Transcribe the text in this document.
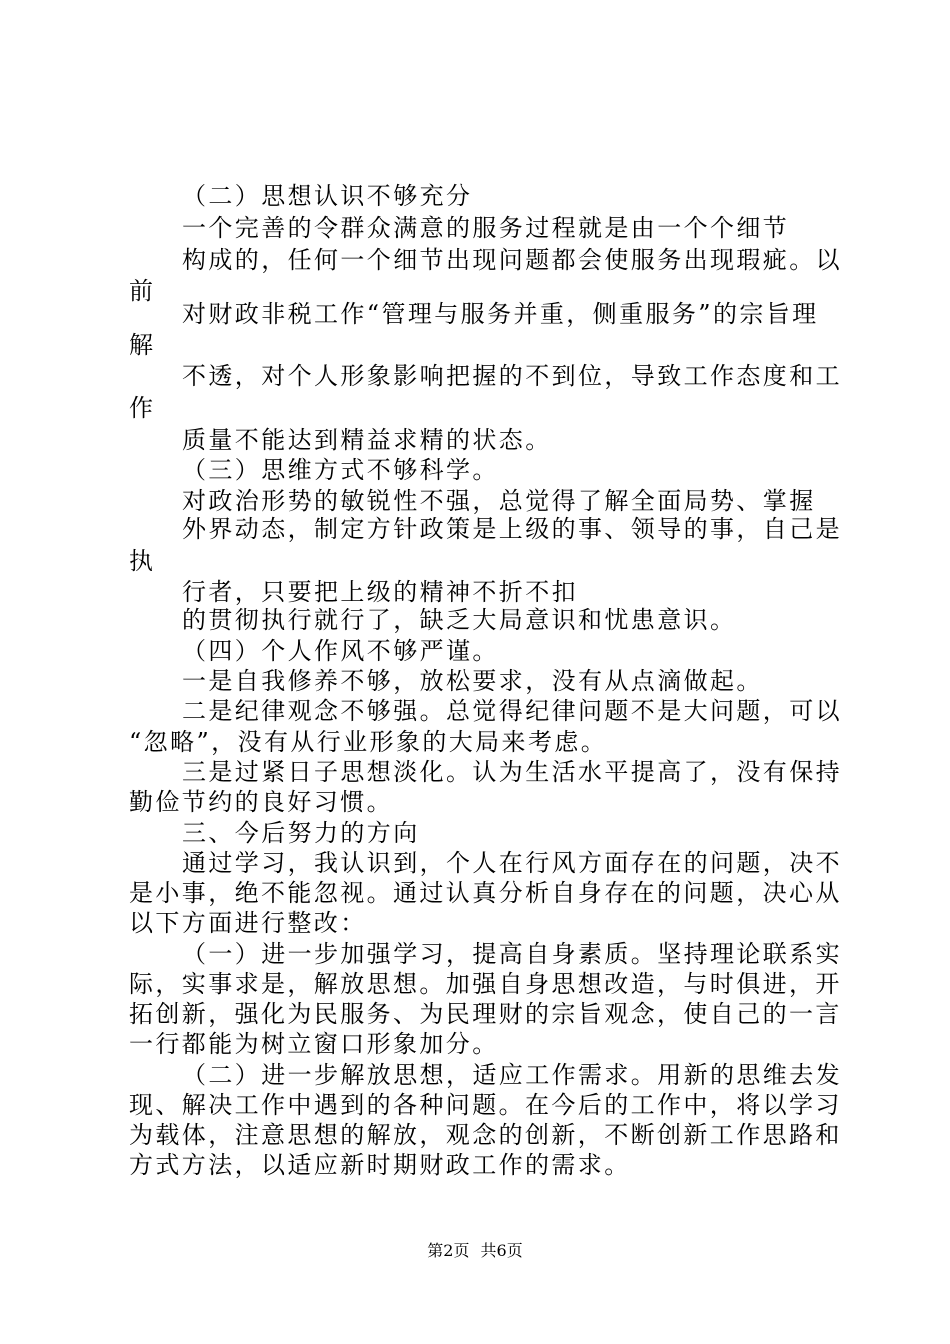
（二）思想认识不够充分
一个完善的令群众满意的服务过程就是由一个个细节
构成的，任何一个细节出现问题都会使服务出现瑕疵。以
前
对财政非税工作“管理与服务并重，侧重服务”的宗旨理
解
不透，对个人形象影响把握的不到位，导致工作态度和工
作
质量不能达到精益求精的状态。
（三）思维方式不够科学。
对政治形势的敏锐性不强，总觉得了解全面局势、掌握
外界动态，制定方针政策是上级的事、领导的事，自己是
执
行者，只要把上级的精神不折不扣
的贯彻执行就行了，缺乏大局意识和忧患意识。
（四）个人作风不够严谨。
一是自我修养不够，放松要求，没有从点滴做起。
二是纪律观念不够强。总觉得纪律问题不是大问题，可以
“忽略”，没有从行业形象的大局来考虑。
三是过紧日子思想淡化。认为生活水平提高了，没有保持
勤俭节约的良好习惯。
三、今后努力的方向
通过学习，我认识到，个人在行风方面存在的问题，决不
是小事，绝不能忽视。通过认真分析自身存在的问题，决心从
以下方面进行整改：
（一）进一步加强学习，提高自身素质。坚持理论联系实
际，实事求是，解放思想。加强自身思想改造，与时俱进，开
拓创新，强化为民服务、为民理财的宗旨观念，使自己的一言
一行都能为树立窗口形象加分。
（二）进一步解放思想，适应工作需求。用新的思维去发
现、解决工作中遇到的各种问题。在今后的工作中，将以学习
为载体，注意思想的解放，观念的创新，不断创新工作思路和
方式方法，以适应新时期财政工作的需求。
第2页 共6页
